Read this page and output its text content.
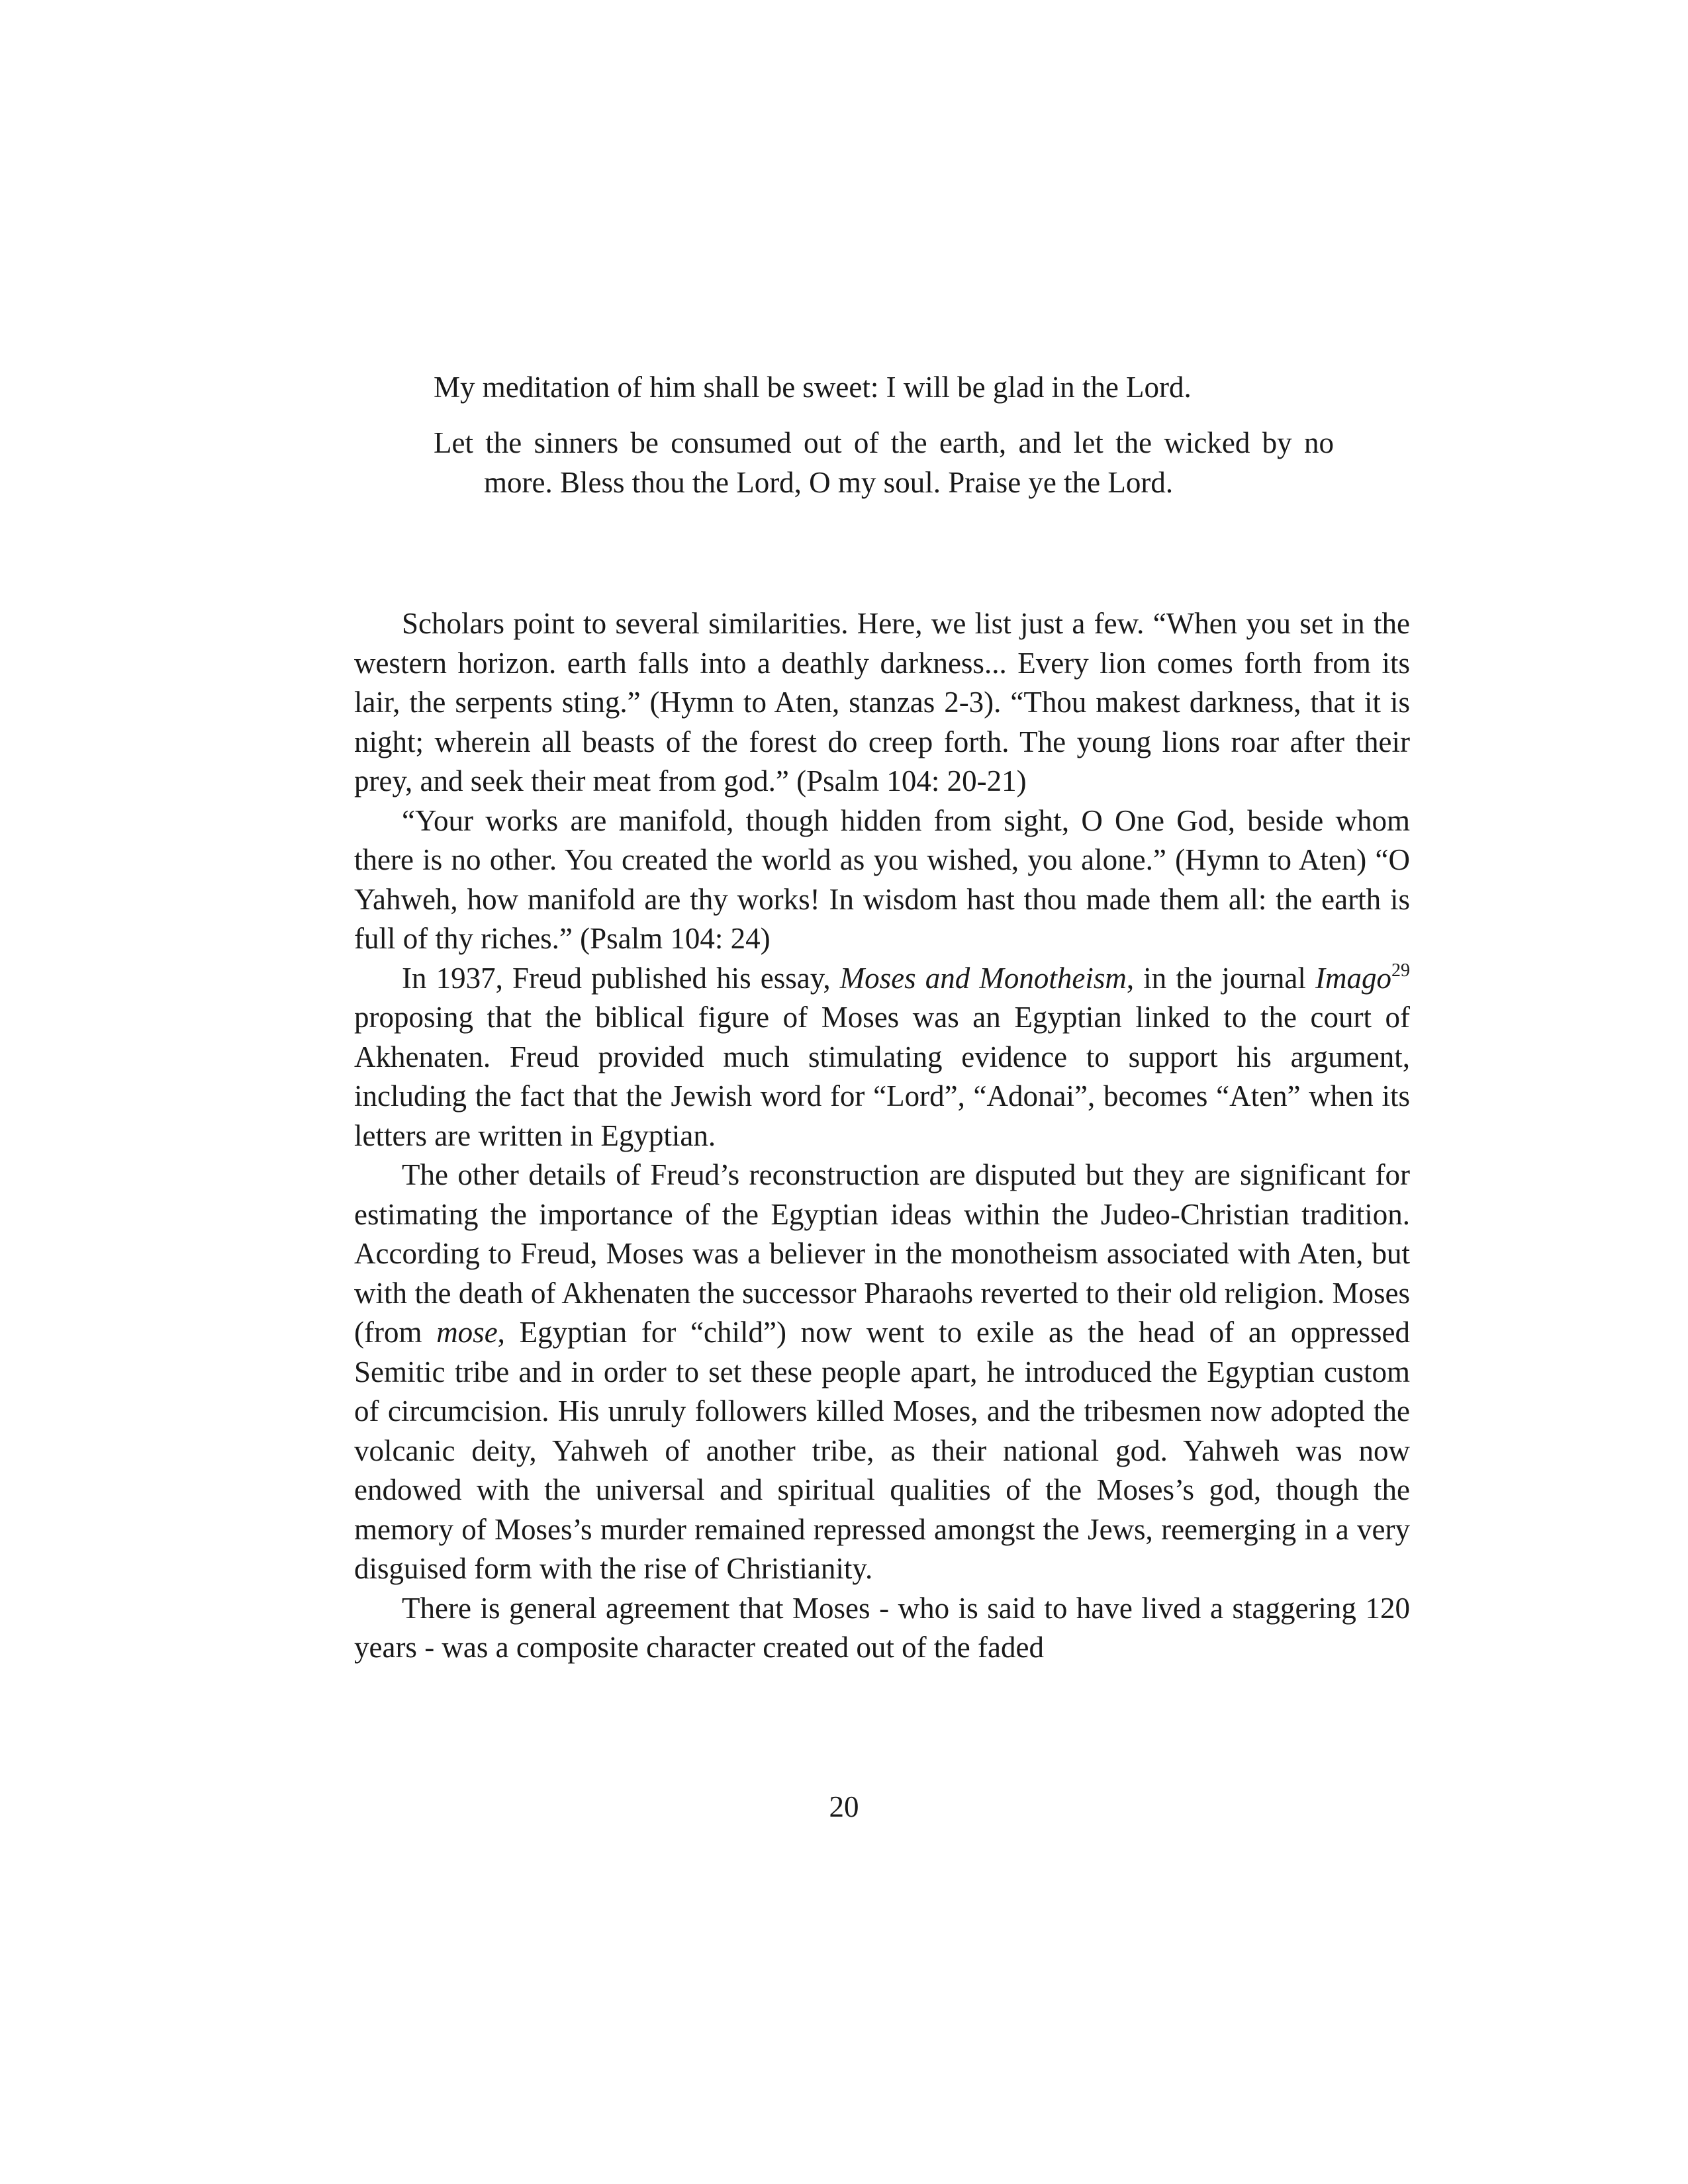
My meditation of him shall be sweet: I will be glad in the Lord.

Let the sinners be consumed out of the earth, and let the wicked by no more. Bless thou the Lord, O my soul. Praise ye the Lord.

Scholars point to several similarities. Here, we list just a few. “When you set in the western horizon. earth falls into a deathly darkness... Every lion comes forth from its lair, the serpents sting.” (Hymn to Aten, stanzas 2-3). “Thou makest darkness, that it is night; wherein all beasts of the forest do creep forth. The young lions roar after their prey, and seek their meat from god.” (Psalm 104: 20-21)

“Your works are manifold, though hidden from sight, O One God, beside whom there is no other. You created the world as you wished, you alone.” (Hymn to Aten) “O Yahweh, how manifold are thy works! In wisdom hast thou made them all: the earth is full of thy riches.” (Psalm 104: 24)

In 1937, Freud published his essay, Moses and Monotheism, in the journal Imago$^{29}$ proposing that the biblical figure of Moses was an Egyptian linked to the court of Akhenaten. Freud provided much stimulating evidence to support his argument, including the fact that the Jewish word for “Lord”, “Adonai”, becomes “Aten” when its letters are written in Egyptian.

The other details of Freud’s reconstruction are disputed but they are significant for estimating the importance of the Egyptian ideas within the Judeo-Christian tradition. According to Freud, Moses was a believer in the monotheism associated with Aten, but with the death of Akhenaten the successor Pharaohs reverted to their old religion. Moses (from mose, Egyptian for “child”) now went to exile as the head of an oppressed Semitic tribe and in order to set these people apart, he introduced the Egyptian custom of circumcision. His unruly followers killed Moses, and the tribesmen now adopted the volcanic deity, Yahweh of another tribe, as their national god. Yahweh was now endowed with the universal and spiritual qualities of the Moses’s god, though the memory of Moses’s murder remained repressed amongst the Jews, reemerging in a very disguised form with the rise of Christianity.

There is general agreement that Moses - who is said to have lived a staggering 120 years - was a composite character created out of the faded

20
